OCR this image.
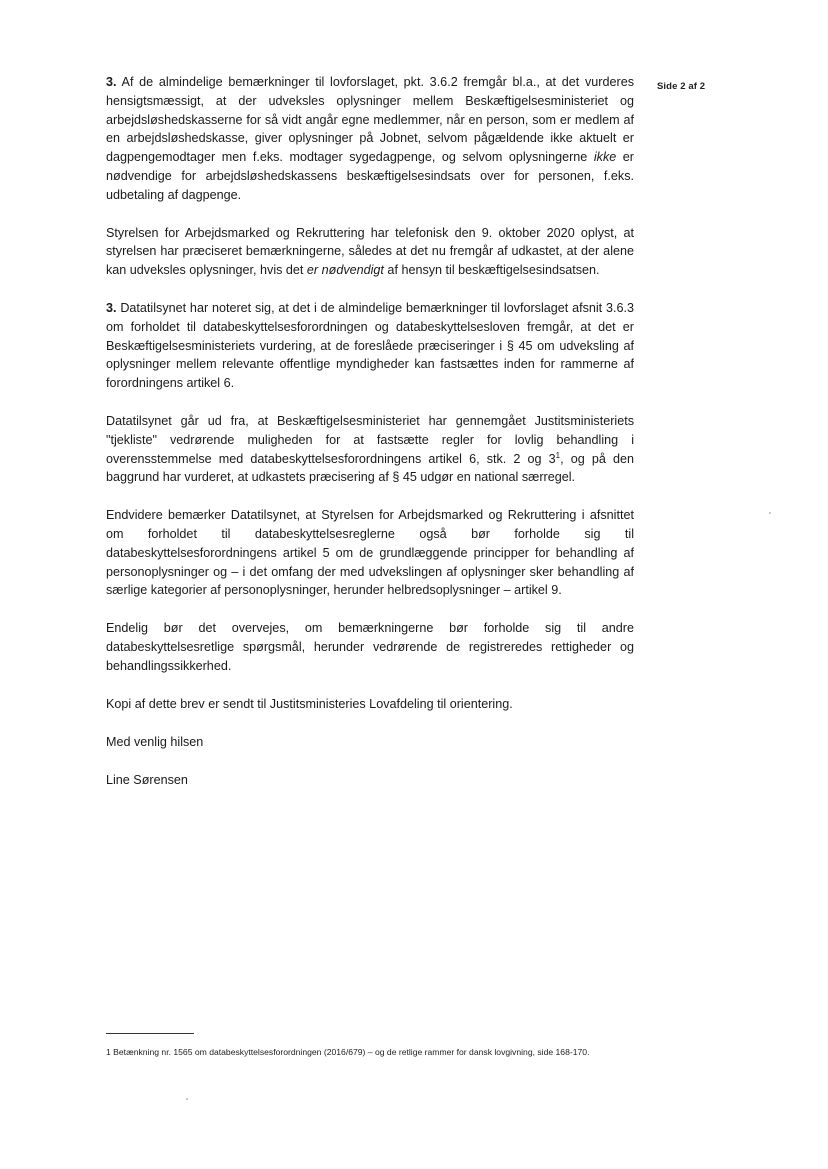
Side 2 af 2

3. Af de almindelige bemærkninger til lovforslaget, pkt. 3.6.2 fremgår bl.a., at det vurderes hensigtsmæssigt, at der udveksles oplysninger mellem Beskæftigelsesministeriet og arbejdsløshedskasserne for så vidt angår egne medlemmer, når en person, som er medlem af en arbejdsløshedskasse, giver oplysninger på Jobnet, selvom pågældende ikke aktuelt er dagpengemodtager men f.eks. modtager sygedagpenge, og selvom oplysningerne ikke er nødvendige for arbejdsløshedskassens beskæftigelsesindsats over for personen, f.eks. udbetaling af dagpenge.

Styrelsen for Arbejdsmarked og Rekruttering har telefonisk den 9. oktober 2020 oplyst, at styrelsen har præciseret bemærkningerne, således at det nu fremgår af udkastet, at der alene kan udveksles oplysninger, hvis det er nødvendigt af hensyn til beskæftigelsesindsatsen.

3. Datatilsynet har noteret sig, at det i de almindelige bemærkninger til lovforslaget afsnit 3.6.3 om forholdet til databeskyttelsesforordningen og databeskyttelsesloven fremgår, at det er Beskæftigelsesministeriets vurdering, at de foreslåede præciseringer i § 45 om udveksling af oplysninger mellem relevante offentlige myndigheder kan fastsættes inden for rammerne af forordningens artikel 6.

Datatilsynet går ud fra, at Beskæftigelsesministeriet har gennemgået Justitsministeriets "tjekliste" vedrørende muligheden for at fastsætte regler for lovlig behandling i overensstemmelse med databeskyttelsesforordningens artikel 6, stk. 2 og $3^1$, og på den baggrund har vurderet, at udkastets præcisering af § 45 udgør en national særregel.

Endvidere bemærker Datatilsynet, at Styrelsen for Arbejdsmarked og Rekruttering i afsnittet om forholdet til databeskyttelsesreglerne også bør forholde sig til databeskyttelsesforordningens artikel 5 om de grundlæggende principper for behandling af personoplysninger og – i det omfang der med udvekslingen af oplysninger sker behandling af særlige kategorier af personoplysninger, herunder helbredsoplysninger – artikel 9.

Endelig bør det overvejes, om bemærkningerne bør forholde sig til andre databeskyttelsesretlige spørgsmål, herunder vedrørende de registreredes rettigheder og behandlingssikkerhed.

Kopi af dette brev er sendt til Justitsministeries Lovafdeling til orientering.

Med venlig hilsen
Line Sørensen
1 Betænkning nr. 1565 om databeskyttelsesforordningen (2016/679) – og de retlige rammer for dansk lovgivning, side 168-170.
